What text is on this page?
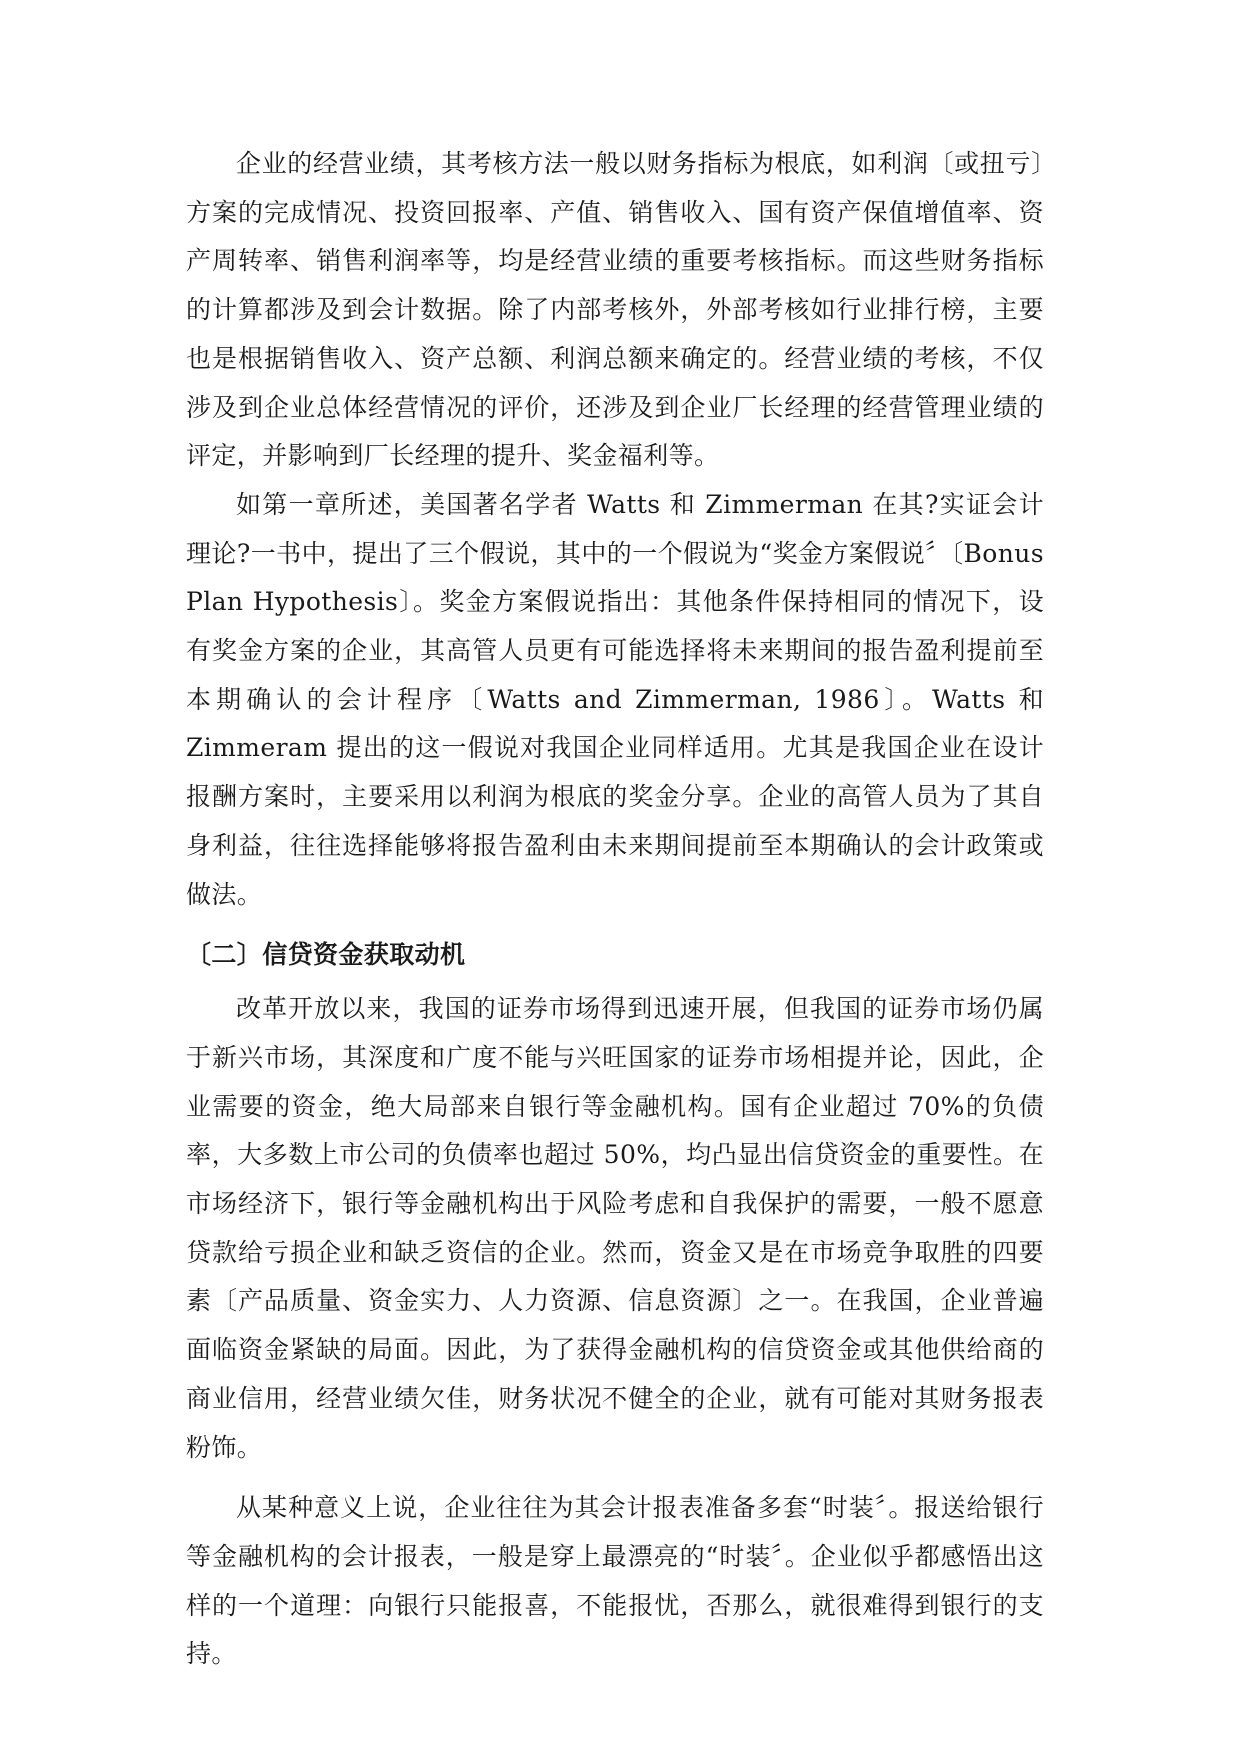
企业的经营业绩，其考核方法一般以财务指标为根底，如利润〔或扭亏〕方案的完成情况、投资回报率、产值、销售收入、国有资产保值增值率、资产周转率、销售利润率等，均是经营业绩的重要考核指标。而这些财务指标的计算都涉及到会计数据。除了内部考核外，外部考核如行业排行榜，主要也是根据销售收入、资产总额、利润总额来确定的。经营业绩的考核，不仅涉及到企业总体经营情况的评价，还涉及到企业厂长经理的经营管理业绩的评定，并影响到厂长经理的提升、奖金福利等。

如第一章所述，美国著名学者 Watts 和 Zimmerman 在其?实证会计理论?一书中，提出了三个假说，其中的一个假说为“奖金方案假说〞〔Bonus Plan Hypothesis〕。奖金方案假说指出：其他条件保持相同的情况下，设有奖金方案的企业，其高管人员更有可能选择将未来期间的报告盈利提前至本期确认的会计程序〔Watts and Zimmerman, 1986〕。Watts 和 Zimmeram 提出的这一假说对我国企业同样适用。尤其是我国企业在设计报酬方案时，主要采用以利润为根底的奖金分享。企业的高管人员为了其自身利益，往往选择能够将报告盈利由未来期间提前至本期确认的会计政策或做法。

〔二〕信贷资金获取动机

改革开放以来，我国的证券市场得到迅速开展，但我国的证券市场仍属于新兴市场，其深度和广度不能与兴旺国家的证券市场相提并论，因此，企业需要的资金，绝大局部来自银行等金融机构。国有企业超过 70%的负债率，大多数上市公司的负债率也超过 50%，均凸显出信贷资金的重要性。在市场经济下，银行等金融机构出于风险考虑和自我保护的需要，一般不愿意贷款给亏损企业和缺乏资信的企业。然而，资金又是在市场竞争取胜的四要素〔产品质量、资金实力、人力资源、信息资源〕之一。在我国，企业普遍面临资金紧缺的局面。因此，为了获得金融机构的信贷资金或其他供给商的商业信用，经营业绩欠佳，财务状况不健全的企业，就有可能对其财务报表粉饰。

从某种意义上说，企业往往为其会计报表准备多套“时装〞。报送给银行等金融机构的会计报表，一般是穿上最漂亮的“时装〞。企业似乎都感悟出这样的一个道理：向银行只能报喜，不能报忧，否那么，就很难得到银行的支持。
